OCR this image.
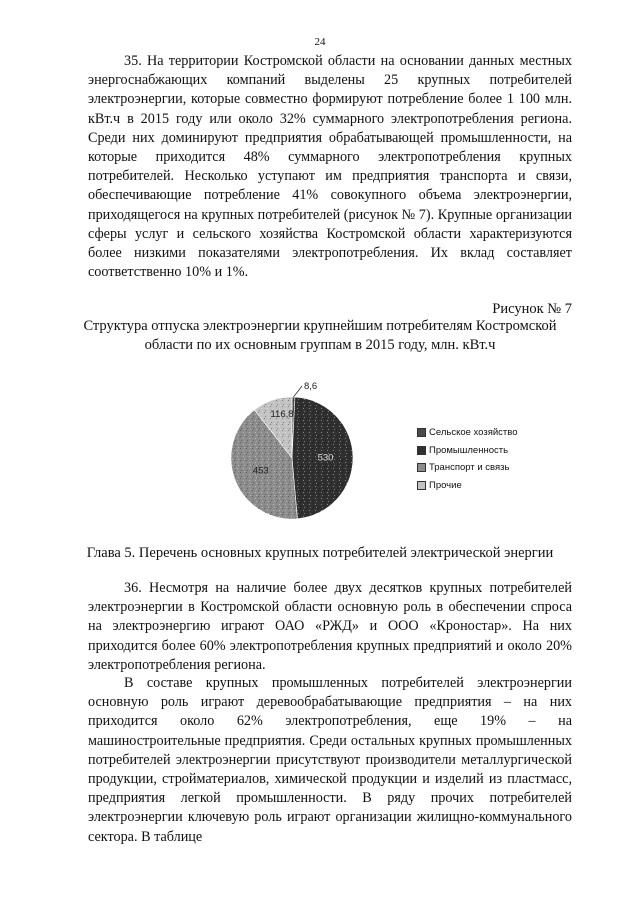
24

35. На территории Костромской области на основании данных местных энергоснабжающих компаний выделены 25 крупных потребителей электроэнергии, которые совместно формируют потребление более 1 100 млн. кВт.ч в 2015 году или около 32% суммарного электропотребления региона. Среди них доминируют предприятия обрабатывающей промышленности, на которые приходится 48% суммарного электропотребления крупных потребителей. Несколько уступают им предприятия транспорта и связи, обеспечивающие потребление 41% совокупного объема электроэнергии, приходящегося на крупных потребителей (рисунок № 7). Крупные организации сферы услуг и сельского хозяйства Костромской области характеризуются более низкими показателями электропотребления. Их вклад составляет соответственно 10% и 1%.

Рисунок № 7
Структура отпуска электроэнергии крупнейшим потребителям Костромской области по их основным группам в 2015 году, млн. кВт.ч
8,6
530
453
116,8
Сельское хозяйство
Промышленность
Транспорт и связь
Прочие
Глава 5. Перечень основных крупных потребителей электрической энергии

36. Несмотря на наличие более двух десятков крупных потребителей электроэнергии в Костромской области основную роль в обеспечении спроса на электроэнергию играют ОАО «РЖД» и ООО «Кроностар». На них приходится более 60% электропотребления крупных предприятий и около 20% электропотребления региона.

В составе крупных промышленных потребителей электроэнергии основную роль играют деревообрабатывающие предприятия – на них приходится около 62% электропотребления, еще 19% – на машиностроительные предприятия. Среди остальных крупных промышленных потребителей электроэнергии присутствуют производители металлургической продукции, стройматериалов, химической продукции и изделий из пластмасс, предприятия легкой промышленности. В ряду прочих потребителей электроэнергии ключевую роль играют организации жилищно-коммунального сектора. В таблице
